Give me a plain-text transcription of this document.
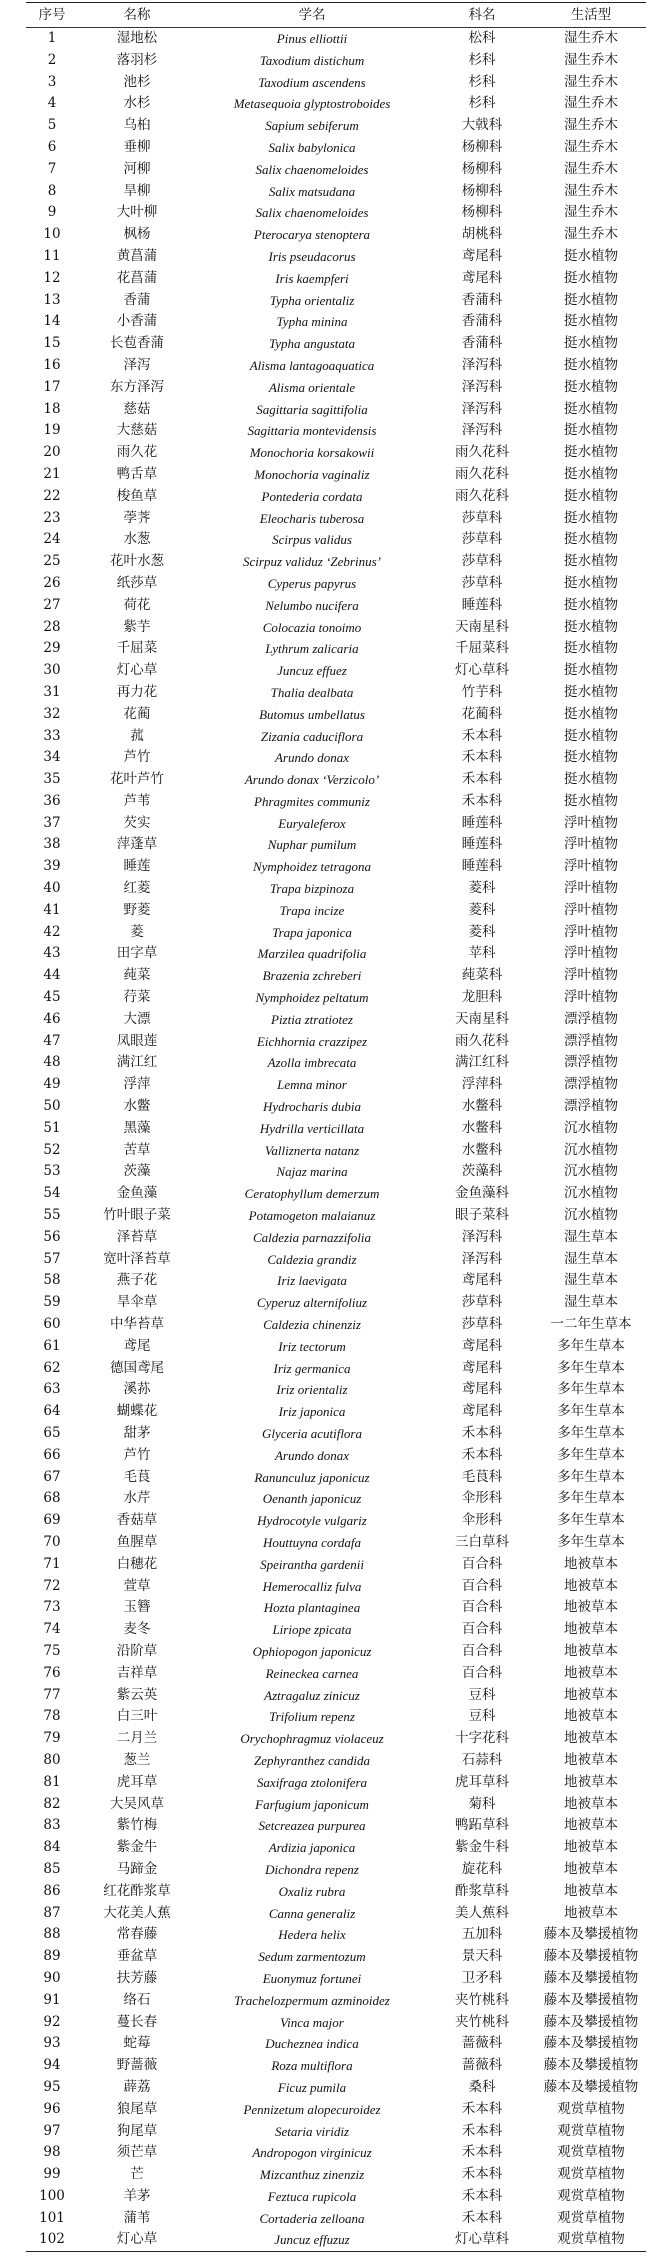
序号	名称	学名	科名	生活型
1	湿地松	Pinus elliottii	松科	湿生乔木
2	落羽杉	Taxodium distichum	杉科	湿生乔木
3	池杉	Taxodium ascendens	杉科	湿生乔木
4	水杉	Metasequoia glyptostroboides	杉科	湿生乔木
5	乌桕	Sapium sebiferum	大戟科	湿生乔木
6	垂柳	Salix babylonica	杨柳科	湿生乔木
7	河柳	Salix chaenomeloides	杨柳科	湿生乔木
8	旱柳	Salix matsudana	杨柳科	湿生乔木
9	大叶柳	Salix chaenomeloides	杨柳科	湿生乔木
10	枫杨	Pterocarya stenoptera	胡桃科	湿生乔木
11	黄菖蒲	Iris pseudacorus	鸢尾科	挺水植物
12	花菖蒲	Iris kaempferi	鸢尾科	挺水植物
13	香蒲	Typha orientaliz	香蒲科	挺水植物
14	小香蒲	Typha minina	香蒲科	挺水植物
15	长苞香蒲	Typha angustata	香蒲科	挺水植物
16	泽泻	Alisma lantagoaquatica	泽泻科	挺水植物
17	东方泽泻	Alisma orientale	泽泻科	挺水植物
18	慈菇	Sagittaria sagittifolia	泽泻科	挺水植物
19	大慈菇	Sagittaria montevidensis	泽泻科	挺水植物
20	雨久花	Monochoria korsakowii	雨久花科	挺水植物
21	鸭舌草	Monochoria vaginaliz	雨久花科	挺水植物
22	梭鱼草	Pontederia cordata	雨久花科	挺水植物
23	荸荠	Eleocharis tuberosa	莎草科	挺水植物
24	水葱	Scirpus validus	莎草科	挺水植物
25	花叶水葱	Scirpuz validuz ‘Zebrinus’	莎草科	挺水植物
26	纸莎草	Cyperus papyrus	莎草科	挺水植物
27	荷花	Nelumbo nucifera	睡莲科	挺水植物
28	紫芋	Colocazia tonoimo	天南星科	挺水植物
29	千屈菜	Lythrum zalicaria	千屈菜科	挺水植物
30	灯心草	Juncuz effuez	灯心草科	挺水植物
31	再力花	Thalia dealbata	竹芋科	挺水植物
32	花蔺	Butomus umbellatus	花蔺科	挺水植物
33	菰	Zizania caduciflora	禾本科	挺水植物
34	芦竹	Arundo donax	禾本科	挺水植物
35	花叶芦竹	Arundo donax ‘Verzicolo’	禾本科	挺水植物
36	芦苇	Phragmites communiz	禾本科	挺水植物
37	芡实	Euryaleferox	睡莲科	浮叶植物
38	萍蓬草	Nuphar pumilum	睡莲科	浮叶植物
39	睡莲	Nymphoidez tetragona	睡莲科	浮叶植物
40	红菱	Trapa bizpinoza	菱科	浮叶植物
41	野菱	Trapa incize	菱科	浮叶植物
42	菱	Trapa japonica	菱科	浮叶植物
43	田字草	Marzilea quadrifolia	苹科	浮叶植物
44	莼菜	Brazenia zchreberi	莼菜科	浮叶植物
45	荇菜	Nymphoidez peltatum	龙胆科	浮叶植物
46	大漂	Piztia ztratiotez	天南星科	漂浮植物
47	凤眼莲	Eichhornia crazzipez	雨久花科	漂浮植物
48	满江红	Azolla imbrecata	满江红科	漂浮植物
49	浮萍	Lemna minor	浮萍科	漂浮植物
50	水鳖	Hydrocharis dubia	水鳖科	漂浮植物
51	黑藻	Hydrilla verticillata	水鳖科	沉水植物
52	苦草	Valliznerta natanz	水鳖科	沉水植物
53	茨藻	Najaz marina	茨藻科	沉水植物
54	金鱼藻	Ceratophyllum demerzum	金鱼藻科	沉水植物
55	竹叶眼子菜	Potamogeton malaianuz	眼子菜科	沉水植物
56	泽苔草	Caldezia parnazzifolia	泽泻科	湿生草本
57	宽叶泽苔草	Caldezia grandiz	泽泻科	湿生草本
58	燕子花	Iriz laevigata	鸢尾科	湿生草本
59	旱伞草	Cyperuz alternifoliuz	莎草科	湿生草本
60	中华苔草	Caldezia chinenziz	莎草科	一二年生草本
61	鸢尾	Iriz tectorum	鸢尾科	多年生草本
62	德国鸢尾	Iriz germanica	鸢尾科	多年生草本
63	溪荪	Iriz orientaliz	鸢尾科	多年生草本
64	蝴蝶花	Iriz japonica	鸢尾科	多年生草本
65	甜茅	Glyceria acutiflora	禾本科	多年生草本
66	芦竹	Arundo donax	禾本科	多年生草本
67	毛茛	Ranunculuz japonicuz	毛茛科	多年生草本
68	水芹	Oenanth japonicuz	伞形科	多年生草本
69	香菇草	Hydrocotyle vulgariz	伞形科	多年生草本
70	鱼腥草	Houttuyna cordafa	三白草科	多年生草本
71	白穗花	Speirantha gardenii	百合科	地被草本
72	萱草	Hemerocalliz fulva	百合科	地被草本
73	玉簪	Hozta plantaginea	百合科	地被草本
74	麦冬	Liriope zpicata	百合科	地被草本
75	沿阶草	Ophiopogon japonicuz	百合科	地被草本
76	吉祥草	Reineckea carnea	百合科	地被草本
77	紫云英	Aztragaluz zinicuz	豆科	地被草本
78	白三叶	Trifolium repenz	豆科	地被草本
79	二月兰	Orychophragmuz violaceuz	十字花科	地被草本
80	葱兰	Zephyranthez candida	石蒜科	地被草本
81	虎耳草	Saxifraga ztolonifera	虎耳草科	地被草本
82	大吴风草	Farfugium japonicum	菊科	地被草本
83	紫竹梅	Setcreazea purpurea	鸭跖草科	地被草本
84	紫金牛	Ardizia japonica	紫金牛科	地被草本
85	马蹄金	Dichondra repenz	旋花科	地被草本
86	红花酢浆草	Oxaliz rubra	酢浆草科	地被草本
87	大花美人蕉	Canna generaliz	美人蕉科	地被草本
88	常春藤	Hedera helix	五加科	藤本及攀援植物
89	垂盆草	Sedum zarmentozum	景天科	藤本及攀援植物
90	扶芳藤	Euonymuz fortunei	卫矛科	藤本及攀援植物
91	络石	Trachelozpermum azminoidez	夹竹桃科	藤本及攀援植物
92	蔓长春	Vinca major	夹竹桃科	藤本及攀援植物
93	蛇莓	Ducheznea indica	蔷薇科	藤本及攀援植物
94	野蔷薇	Roza multiflora	蔷薇科	藤本及攀援植物
95	薜荔	Ficuz pumila	桑科	藤本及攀援植物
96	狼尾草	Pennizetum alopecuroidez	禾本科	观赏草植物
97	狗尾草	Setaria viridiz	禾本科	观赏草植物
98	须芒草	Andropogon virginicuz	禾本科	观赏草植物
99	芒	Mizcanthuz zinenziz	禾本科	观赏草植物
100	羊茅	Feztuca rupicola	禾本科	观赏草植物
101	蒲苇	Cortaderia zelloana	禾本科	观赏草植物
102	灯心草	Juncuz effuzuz	灯心草科	观赏草植物
